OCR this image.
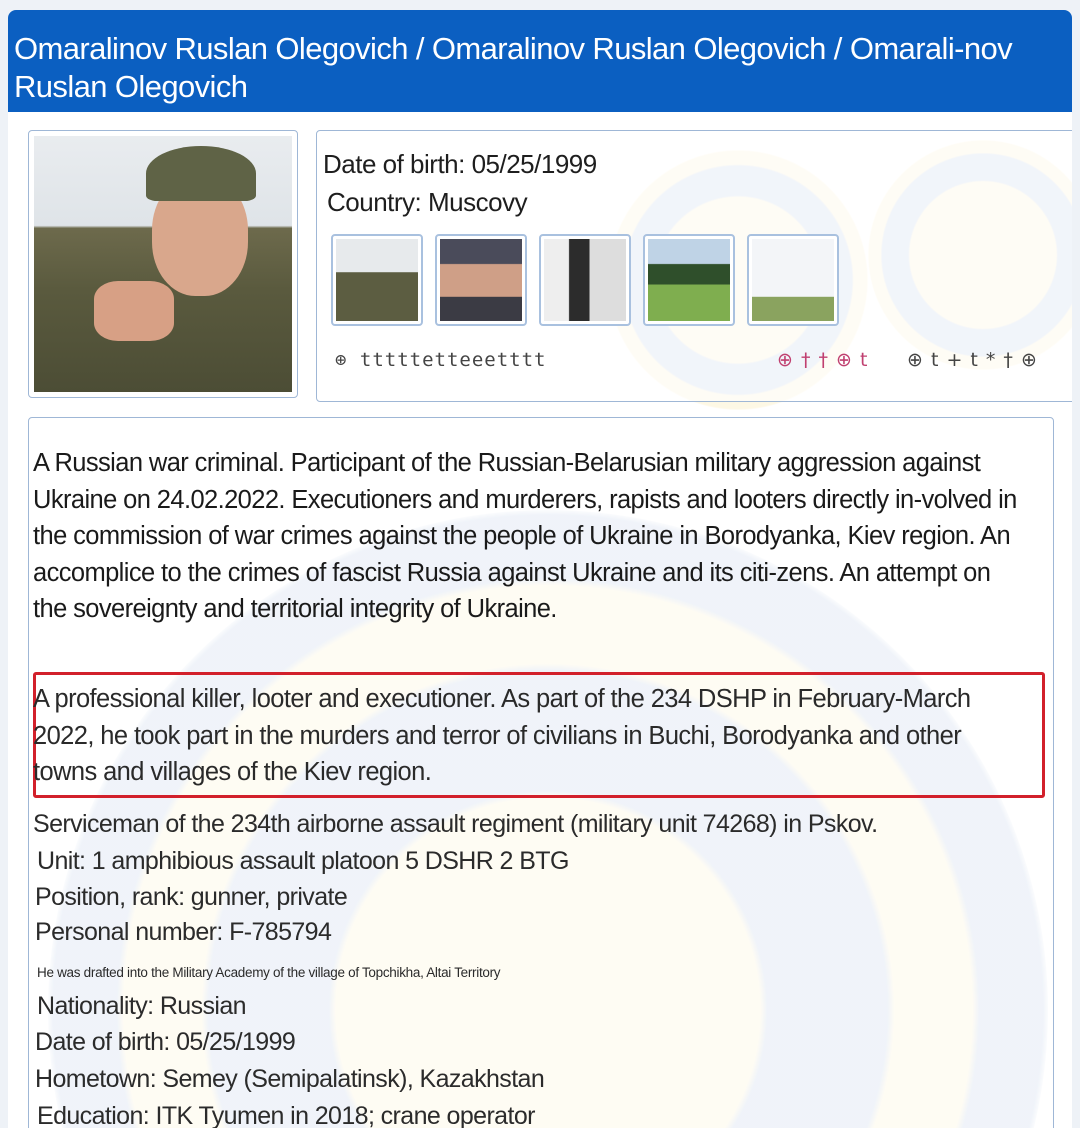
Omaralinov Ruslan Olegovich / Omaralinov Ruslan Olegovich / Omarali-nov Ruslan Olegovich
Date of birth: 05/25/1999
Country: Muscovy
⊕ tttttetteeetttt	⊕ † † ⊕ t ⊕ t + t * † ⊕

A Russian war criminal. Participant of the Russian-Belarusian military aggression against Ukraine on 24.02.2022. Executioners and murderers, rapists and looters directly in-volved in the commission of war crimes against the people of Ukraine in Borodyanka, Kiev region. An accomplice to the crimes of fascist Russia against Ukraine and its citi-zens. An attempt on the sovereignty and territorial integrity of Ukraine.

A professional killer, looter and executioner. As part of the 234 DSHP in February-March 2022, he took part in the murders and terror of civilians in Buchi, Borodyanka and other towns and villages of the Kiev region.

Serviceman of the 234th airborne assault regiment (military unit 74268) in Pskov.
Unit: 1 amphibious assault platoon 5 DSHR 2 BTG
Position, rank: gunner, private
Personal number: F-785794
He was drafted into the Military Academy of the village of Topchikha, Altai Territory
Nationality: Russian
Date of birth: 05/25/1999
Hometown: Semey (Semipalatinsk), Kazakhstan
Education: ITK Tyumen in 2018; crane operator
